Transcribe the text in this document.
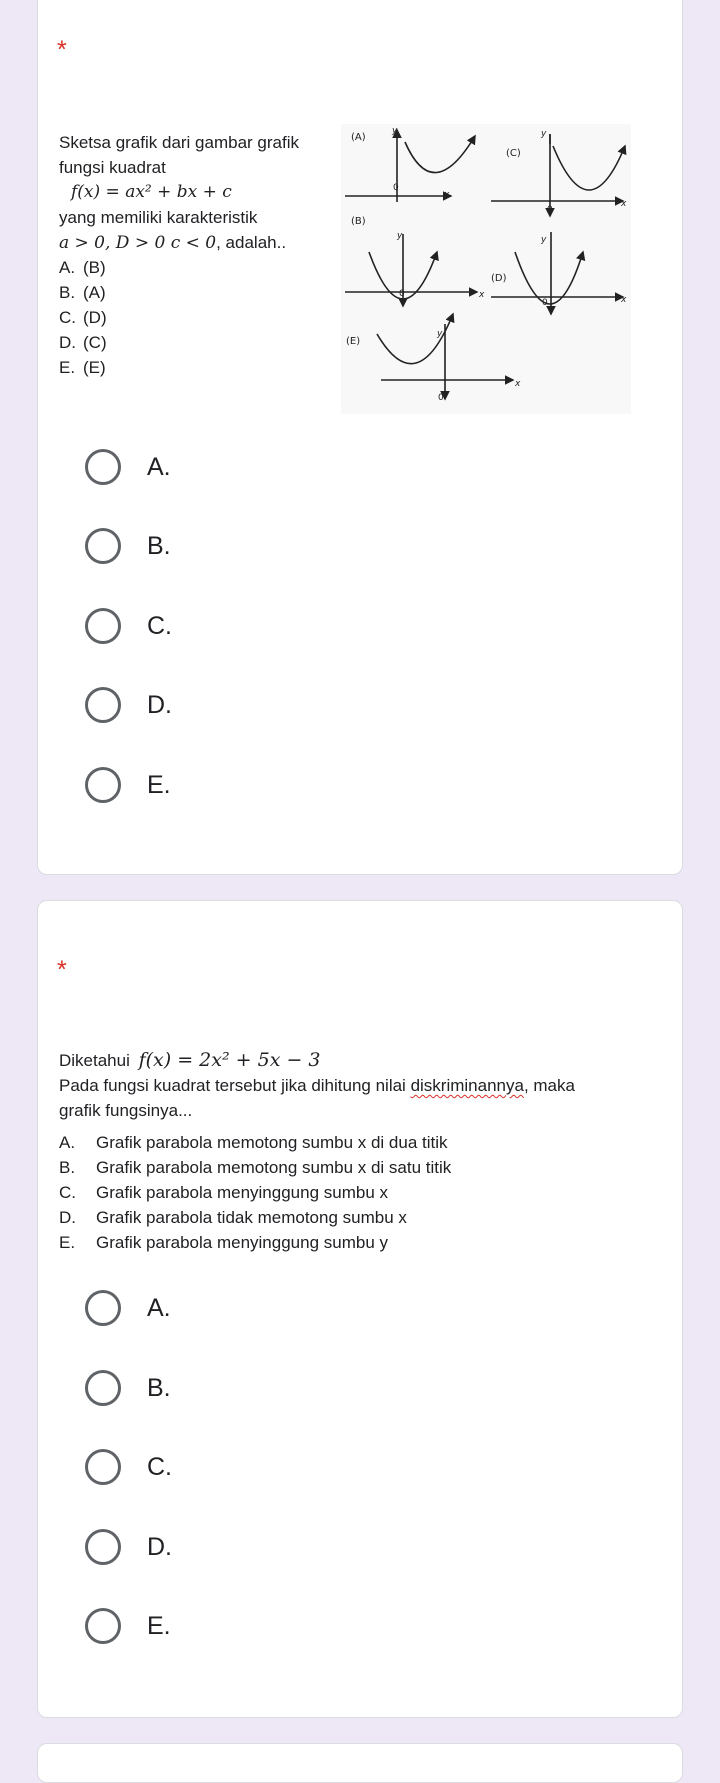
*
Sketsa grafik dari gambar grafik
fungsi kuadrat
f(x) = ax² + bx + c
yang memiliki karakteristik
a > 0, D > 0 c < 0, adalah..
A. (B)
B. (A)
C. (D)
D. (C)
E. (E)
(A)
(C)
(B)
(D)
(E)
0
0
0
0
0
x
x
x	x
x
y	y
y	y
y
A.
B.
C.
D.
E.
*
Diketahui f(x) = 2x² + 5x − 3
Pada fungsi kuadrat tersebut jika dihitung nilai diskriminannya, maka
grafik fungsinya...
A.	Grafik parabola memotong sumbu x di dua titik
B.	Grafik parabola memotong sumbu x di satu titik
C.	Grafik parabola menyinggung sumbu x
D.	Grafik parabola tidak memotong sumbu x
E.	Grafik parabola menyinggung sumbu y
A.
B.
C.
D.
E.
